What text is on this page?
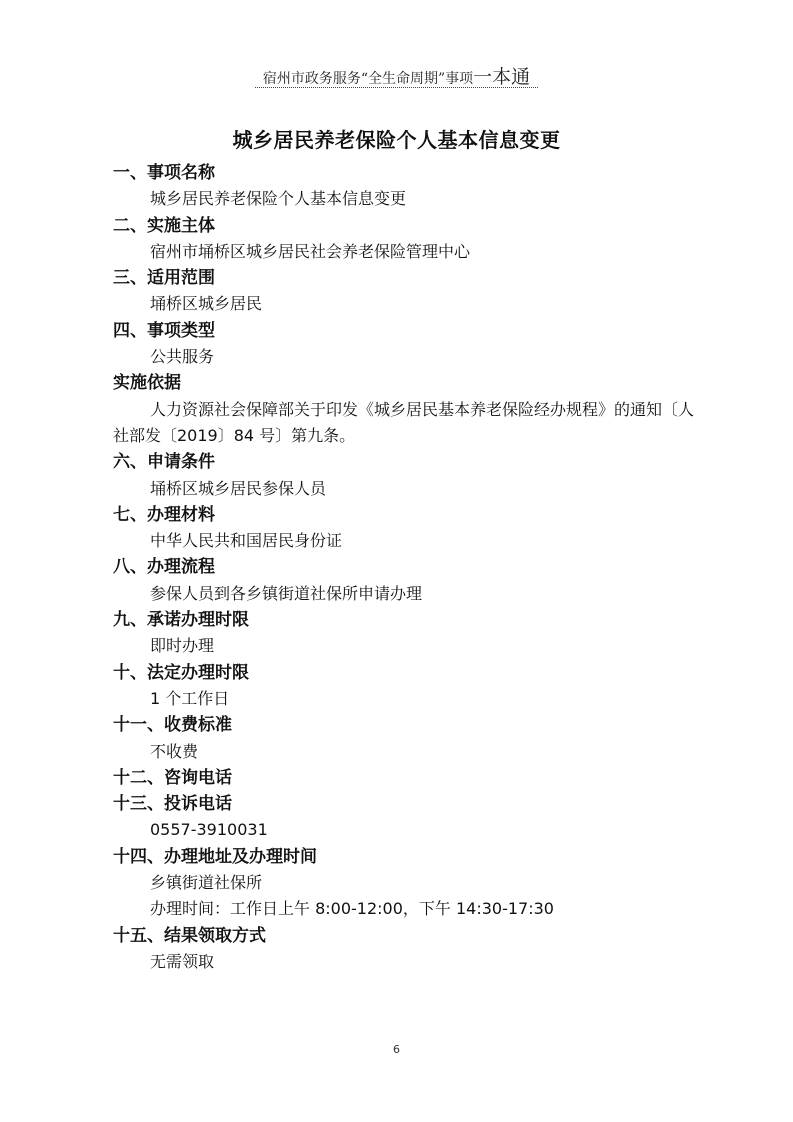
宿州市政务服务“全生命周期”事项一本通
城乡居民养老保险个人基本信息变更
一、事项名称
城乡居民养老保险个人基本信息变更
二、实施主体
宿州市埇桥区城乡居民社会养老保险管理中心
三、适用范围
埇桥区城乡居民
四、事项类型
公共服务
实施依据
人力资源社会保障部关于印发《城乡居民基本养老保险经办规程》的通知〔人社部发〔2019〕84 号〕第九条。
六、申请条件
埇桥区城乡居民参保人员
七、办理材料
中华人民共和国居民身份证
八、办理流程
参保人员到各乡镇街道社保所申请办理
九、承诺办理时限
即时办理
十、法定办理时限
1 个工作日
十一、收费标准
不收费
十二、咨询电话
十三、投诉电话
0557-3910031
十四、办理地址及办理时间
乡镇街道社保所
办理时间：工作日上午 8:00-12:00，下午 14:30-17:30
十五、结果领取方式
无需领取
6
